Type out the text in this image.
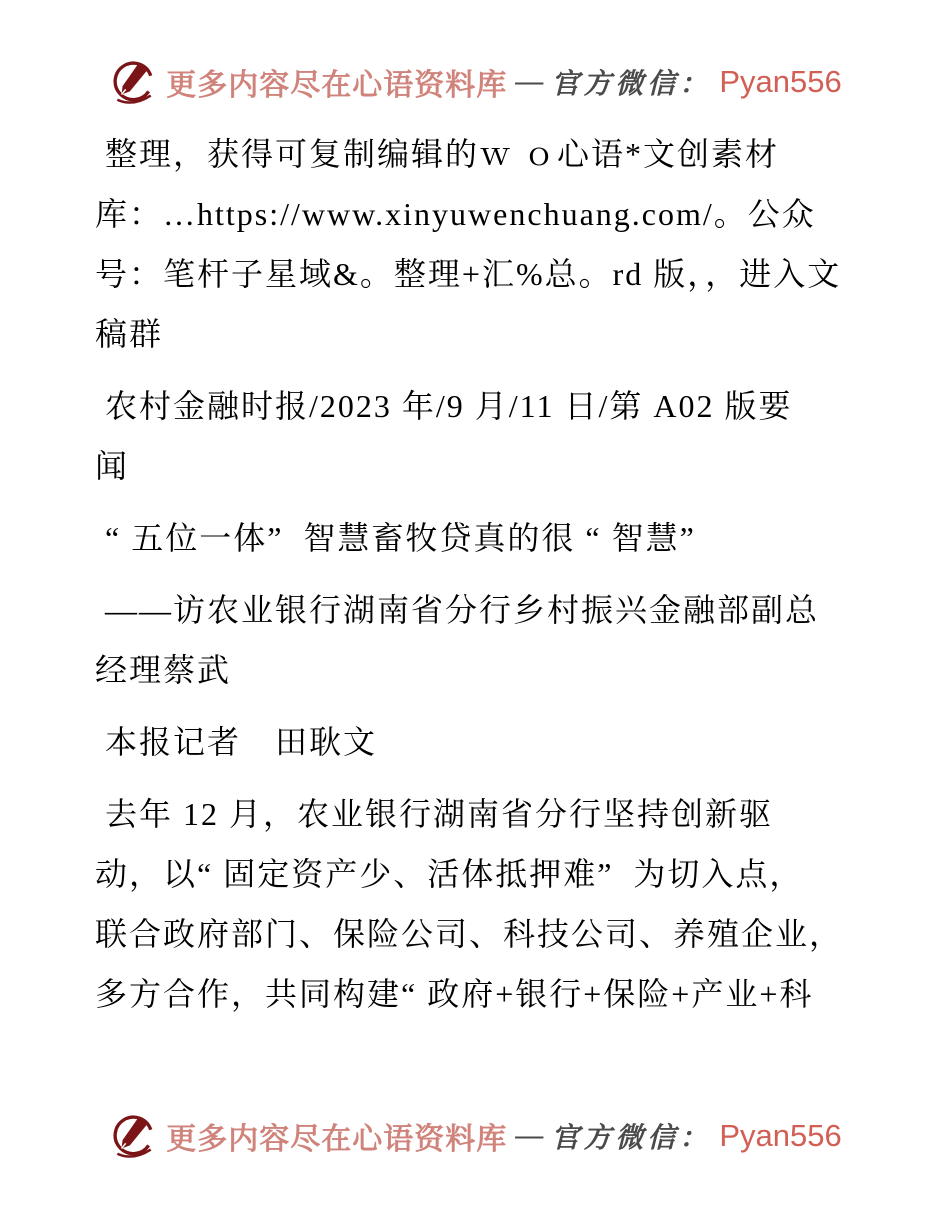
更多内容尽在心语资料库 — 官方微信： Pyan556
整理，获得可复制编辑的ｗ ｏ心语*文创素材
库：…https://www.xinyuwenchuang.com/。公众
号：笔杆子星域&。整理+汇%总。rd 版，，进入文
稿群
农村金融时报/2023 年/9 月/11 日/第 A02 版要
闻
“ 五位一体”  智慧畜牧贷真的很 “ 智慧”
——访农业银行湖南省分行乡村振兴金融部副总
经理蔡武
本报记者　田耿文
去年 12 月，农业银行湖南省分行坚持创新驱
动，以“ 固定资产少、活体抵押难”  为切入点，
联合政府部门、保险公司、科技公司、养殖企业，
多方合作，共同构建“ 政府+银行+保险+产业+科
更多内容尽在心语资料库 — 官方微信： Pyan556
